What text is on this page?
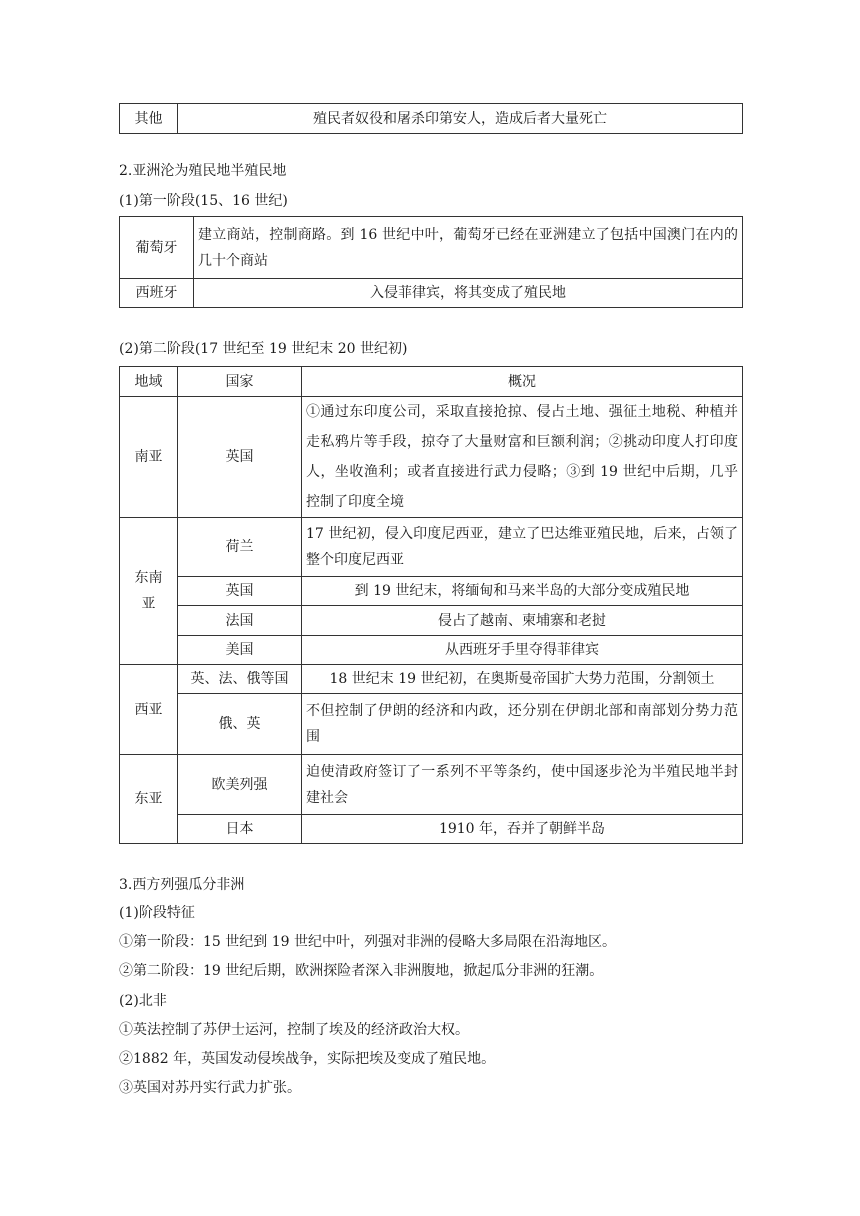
其他	殖民者奴役和屠杀印第安人，造成后者大量死亡
2.亚洲沦为殖民地半殖民地
(1)第一阶段(15、16 世纪)
葡萄牙	建立商站，控制商路。到 16 世纪中叶，葡萄牙已经在亚洲建立了包括中国澳门在内的几十个商站
西班牙	入侵菲律宾，将其变成了殖民地
(2)第二阶段(17 世纪至 19 世纪末 20 世纪初)
地域	国家	概况
南亚	英国	①通过东印度公司，采取直接抢掠、侵占土地、强征土地税、种植并走私鸦片等手段，掠夺了大量财富和巨额利润；②挑动印度人打印度人，坐收渔利；或者直接进行武力侵略；③到 19 世纪中后期，几乎控制了印度全境
东南亚	荷兰	17 世纪初，侵入印度尼西亚，建立了巴达维亚殖民地，后来，占领了整个印度尼西亚
	英国	到 19 世纪末，将缅甸和马来半岛的大部分变成殖民地
	法国	侵占了越南、柬埔寨和老挝
	美国	从西班牙手里夺得菲律宾
西亚	英、法、俄等国	18 世纪末 19 世纪初，在奥斯曼帝国扩大势力范围，分割领土
	俄、英	不但控制了伊朗的经济和内政，还分别在伊朗北部和南部划分势力范围
东亚	欧美列强	迫使清政府签订了一系列不平等条约，使中国逐步沦为半殖民地半封建社会
	日本	1910 年，吞并了朝鲜半岛
3.西方列强瓜分非洲
(1)阶段特征
①第一阶段：15 世纪到 19 世纪中叶，列强对非洲的侵略大多局限在沿海地区。
②第二阶段：19 世纪后期，欧洲探险者深入非洲腹地，掀起瓜分非洲的狂潮。
(2)北非
①英法控制了苏伊士运河，控制了埃及的经济政治大权。
②1882 年，英国发动侵埃战争，实际把埃及变成了殖民地。
③英国对苏丹实行武力扩张。
